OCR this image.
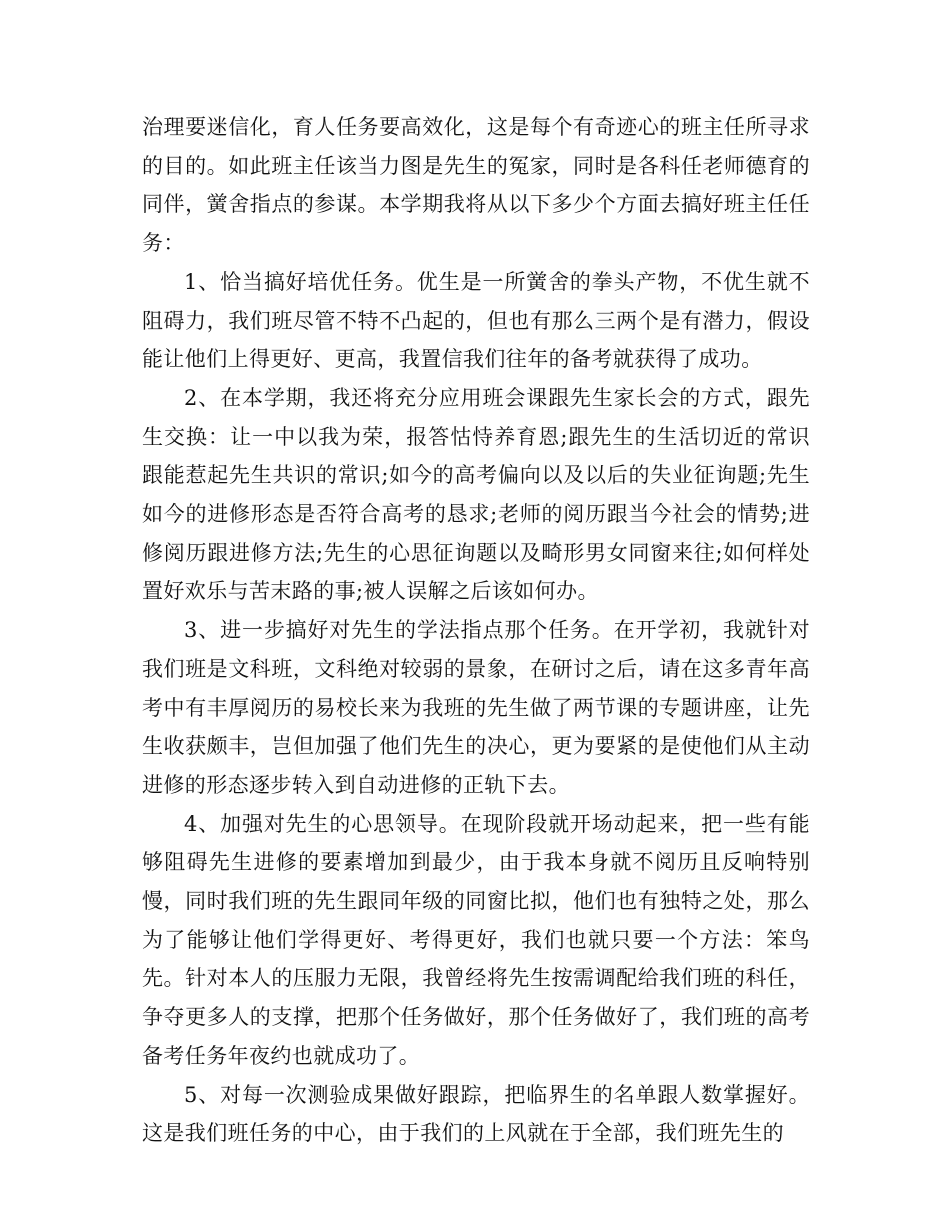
治理要迷信化，育人任务要高效化，这是每个有奇迹心的班主任所寻求的目的。如此班主任该当力图是先生的冤家，同时是各科任老师德育的同伴，黉舍指点的参谋。本学期我将从以下多少个方面去搞好班主任任务：

1、恰当搞好培优任务。优生是一所黉舍的拳头产物，不优生就不阻碍力，我们班尽管不特不凸起的，但也有那么三两个是有潜力，假设能让他们上得更好、更高，我置信我们往年的备考就获得了成功。

2、在本学期，我还将充分应用班会课跟先生家长会的方式，跟先生交换：让一中以我为荣，报答怙恃养育恩;跟先生的生活切近的常识跟能惹起先生共识的常识;如今的高考偏向以及以后的失业征询题;先生如今的进修形态是否符合高考的恳求;老师的阅历跟当今社会的情势;进修阅历跟进修方法;先生的心思征询题以及畸形男女同窗来往;如何样处置好欢乐与苦末路的事;被人误解之后该如何办。

3、进一步搞好对先生的学法指点那个任务。在开学初，我就针对我们班是文科班，文科绝对较弱的景象，在研讨之后，请在这多青年高考中有丰厚阅历的易校长来为我班的先生做了两节课的专题讲座，让先生收获颇丰，岂但加强了他们先生的决心，更为要紧的是使他们从主动进修的形态逐步转入到自动进修的正轨下去。

4、加强对先生的心思领导。在现阶段就开场动起来，把一些有能够阻碍先生进修的要素增加到最少，由于我本身就不阅历且反响特别慢，同时我们班的先生跟同年级的同窗比拟，他们也有独特之处，那么为了能够让他们学得更好、考得更好，我们也就只要一个方法：笨鸟先。针对本人的压服力无限，我曾经将先生按需调配给我们班的科任，争夺更多人的支撑，把那个任务做好，那个任务做好了，我们班的高考备考任务年夜约也就成功了。

5、对每一次测验成果做好跟踪，把临界生的名单跟人数掌握好。这是我们班任务的中心，由于我们的上风就在于全部，我们班先生的
